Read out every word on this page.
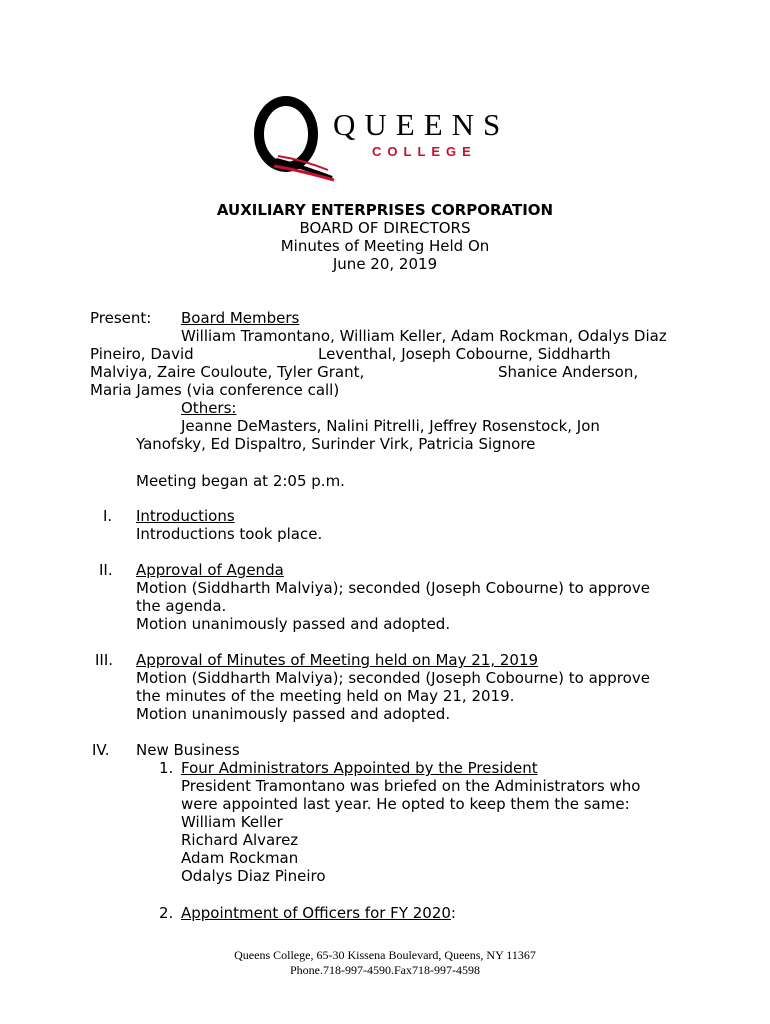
QUEENS
COLLEGE
AUXILIARY ENTERPRISES CORPORATION
BOARD OF DIRECTORS
Minutes of Meeting Held On
June 20, 2019
Present: Board Members
William Tramontano, William Keller, Adam Rockman, Odalys Diaz
Pineiro, David	Leventhal, Joseph Cobourne, Siddharth
Malviya, Zaire Couloute, Tyler Grant,	Shanice Anderson,
Maria James (via conference call)
Others:
Jeanne DeMasters, Nalini Pitrelli, Jeffrey Rosenstock, Jon
Yanofsky, Ed Dispaltro, Surinder Virk, Patricia Signore
Meeting began at 2:05 p.m.
I. Introductions
Introductions took place.
II. Approval of Agenda
Motion (Siddharth Malviya); seconded (Joseph Cobourne) to approve
the agenda.
Motion unanimously passed and adopted.
III. Approval of Minutes of Meeting held on May 21, 2019
Motion (Siddharth Malviya); seconded (Joseph Cobourne) to approve
the minutes of the meeting held on May 21, 2019.
Motion unanimously passed and adopted.
IV. New Business
1. Four Administrators Appointed by the President
President Tramontano was briefed on the Administrators who
were appointed last year. He opted to keep them the same:
William Keller
Richard Alvarez
Adam Rockman
Odalys Diaz Pineiro
2. Appointment of Officers for FY 2020:
Queens College, 65-30 Kissena Boulevard, Queens, NY 11367
Phone.718-997-4590.Fax718-997-4598
